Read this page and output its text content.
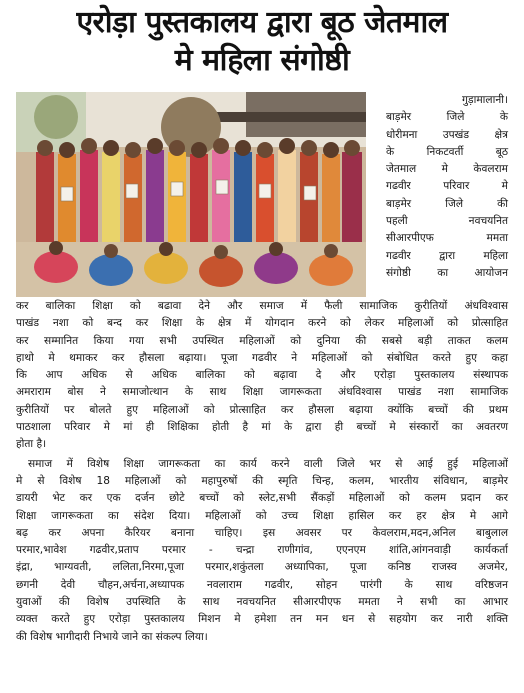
एरोड़ा पुस्तकालय द्वारा बूठ जेतमाल
मे महिला संगोष्ठी
गुड़ामालानी।
बाड़मेर जिले के
धोरीमना उपखंड क्षेत्र
के निकटवर्ती बूठ
जेतमाल मे केवलराम
गढवीर परिवार मे
बाड़मेर जिले की
पहली नवचयनित
सीआरपीएफ ममता
गढवीर द्वारा महिला
संगोष्ठी का आयोजन
कर बालिका शिक्षा को बढावा देने और समाज में फैली सामाजिक कुरीतियों अंधविश्वास
पाखंड नशा को बन्द कर शिक्षा के क्षेत्र में योगदान करने को लेकर महिलाओं को प्रोत्साहित
कर सम्मानित किया गया सभी उपस्थित महिलाओं को दुनिया की सबसे बड़ी ताकत कलम
हाथो मे थमाकर कर हौसला बढ़ाया। पूजा गढवीर ने महिलाओं को संबोधित करते हुए कहा
कि आप अधिक से अधिक बालिका को बढ़ावा दे और एरोड़ा पुस्तकालय संस्थापक
अमराराम बोस ने समाजोत्थान के साथ शिक्षा जागरूकता अंधविश्वास पाखंड नशा सामाजिक
कुरीतियों पर बोलते हुए महिलाओं को प्रोत्साहित कर हौसला बढ़ाया क्योंकि बच्चों की प्रथम
पाठशाला परिवार मे मां ही शिक्षिका होती है मां के द्वारा ही बच्चों मे संस्कारों का अवतरण
होता है।
समाज में विशेष शिक्षा जागरूकता का कार्य करने वाली जिले भर से आई हुई महिलाओं
मे से विशेष 18 महिलाओं को महापुरुषों की स्मृति चिन्ह, कलम, भारतीय संविधान, बाड़मेर
डायरी भेट कर एक दर्जन छोटे बच्चों को स्लेट,सभी सैंकड़ों महिलाओं को कलम प्रदान कर
शिक्षा जागरूकता का संदेश दिया। महिलाओं को उच्च शिक्षा हासिल कर हर क्षेत्र मे आगे
बढ़ कर अपना कैरियर बनाना चाहिए। इस अवसर पर केवलराम,मदन,अनिल बाबुलाल
परमार,भावेश गढवीर,प्रताप परमार - चन्द्रा राणीगांव, एएनएम शांति,आंगनवाड़ी कार्यकर्ता
इंद्रा, भाग्यवती, ललिता,निरमा,पूजा परमार,शकुंतला अध्यापिका, पूजा कनिष्ठ राजस्व अजमेर,
छगनी देवी चौहन,अर्चना,अध्यापक नवलाराम गढवीर, सोहन पारंगी के साथ वरिष्ठजन
युवाओं की विशेष उपस्थिति के साथ नवचयनित सीआरपीएफ ममता ने सभी का आभार
व्यक्त करते हुए एरोड़ा पुस्तकालय मिशन मे हमेशा तन मन धन से सहयोग कर नारी शक्ति
की विशेष भागीदारी निभाये जाने का संकल्प लिया।
